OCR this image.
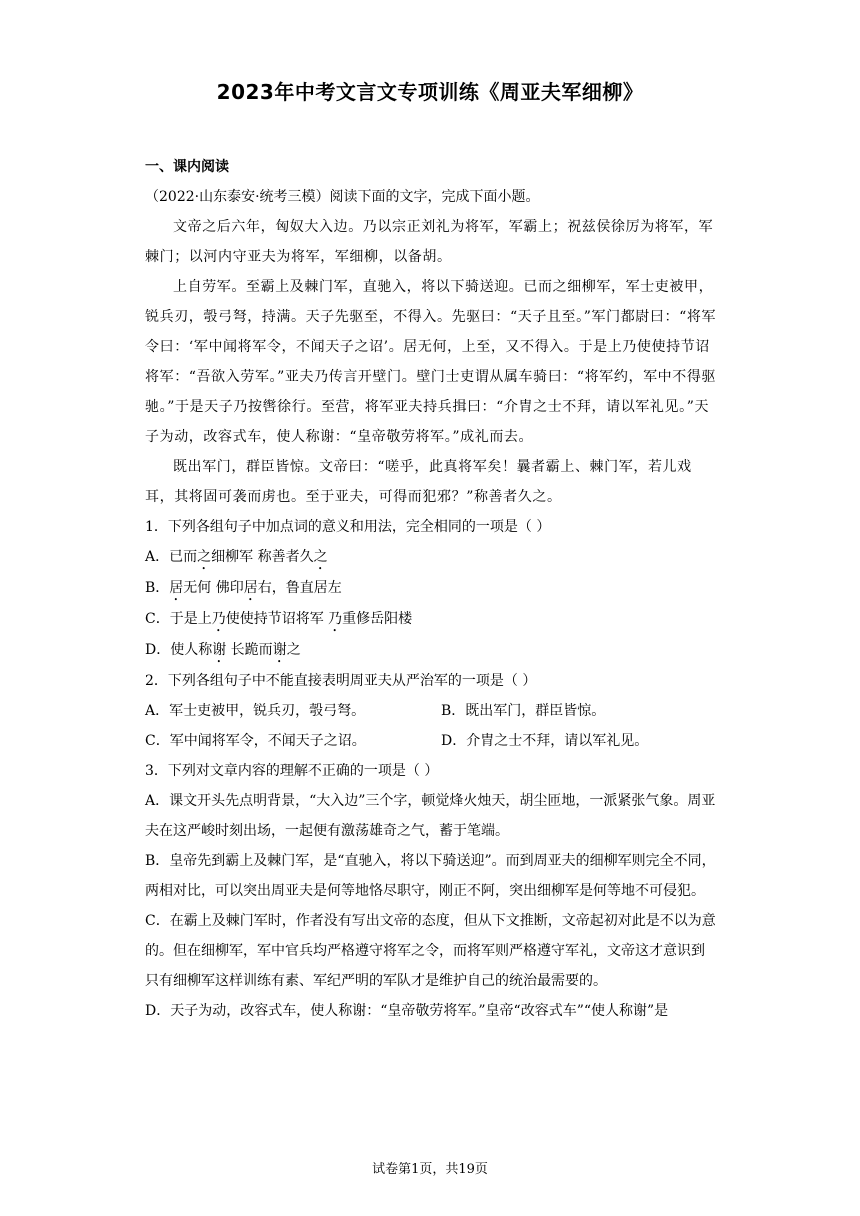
2023年中考文言文专项训练《周亚夫军细柳》

一、课内阅读

（2022·山东泰安·统考三模）阅读下面的文字，完成下面小题。

文帝之后六年，匈奴大入边。乃以宗正刘礼为将军，军霸上；祝兹侯徐厉为将军，军棘门；以河内守亚夫为将军，军细柳，以备胡。

上自劳军。至霸上及棘门军，直驰入，将以下骑送迎。已而之细柳军，军士吏被甲，锐兵刃，彀弓弩，持满。天子先驱至，不得入。先驱曰：“天子且至。”军门都尉曰：“将军令曰：‘军中闻将军令，不闻天子之诏’。居无何，上至，又不得入。于是上乃使使持节诏将军：“吾欲入劳军。”亚夫乃传言开壁门。壁门士吏谓从属车骑曰：“将军约，军中不得驱驰。”于是天子乃按辔徐行。至营，将军亚夫持兵揖曰：“介胄之士不拜，请以军礼见。”天子为动，改容式车，使人称谢：“皇帝敬劳将军。”成礼而去。

既出军门，群臣皆惊。文帝曰：“嗟乎，此真将军矣！曩者霸上、棘门军，若儿戏耳，其将固可袭而虏也。至于亚夫，可得而犯邪？”称善者久之。

1．下列各组句子中加点词的意义和用法，完全相同的一项是（ ）

A．已而之细柳军 称善者久之

B．居无何 佛印居右，鲁直居左

C．于是上乃使使持节诏将军 乃重修岳阳楼

D．使人称谢 长跪而谢之

2．下列各组句子中不能直接表明周亚夫从严治军的一项是（ ）

A．军士吏被甲，锐兵刃，彀弓弩。	B．既出军门，群臣皆惊。
C．军中闻将军令，不闻天子之诏。	D．介胄之士不拜，请以军礼见。

3．下列对文章内容的理解不正确的一项是（ ）

A．课文开头先点明背景，“大入边”三个字，顿觉烽火烛天，胡尘匝地，一派紧张气象。周亚夫在这严峻时刻出场，一起便有激荡雄奇之气，蓄于笔端。

B．皇帝先到霸上及棘门军，是“直驰入，将以下骑送迎”。而到周亚夫的细柳军则完全不同，两相对比，可以突出周亚夫是何等地恪尽职守，刚正不阿，突出细柳军是何等地不可侵犯。

C．在霸上及棘门军时，作者没有写出文帝的态度，但从下文推断，文帝起初对此是不以为意的。但在细柳军，军中官兵均严格遵守将军之令，而将军则严格遵守军礼，文帝这才意识到只有细柳军这样训练有素、军纪严明的军队才是维护自己的统治最需要的。

D．天子为动，改容式车，使人称谢：“皇帝敬劳将军。”皇帝“改容式车”“使人称谢”是

试卷第1页，共19页
